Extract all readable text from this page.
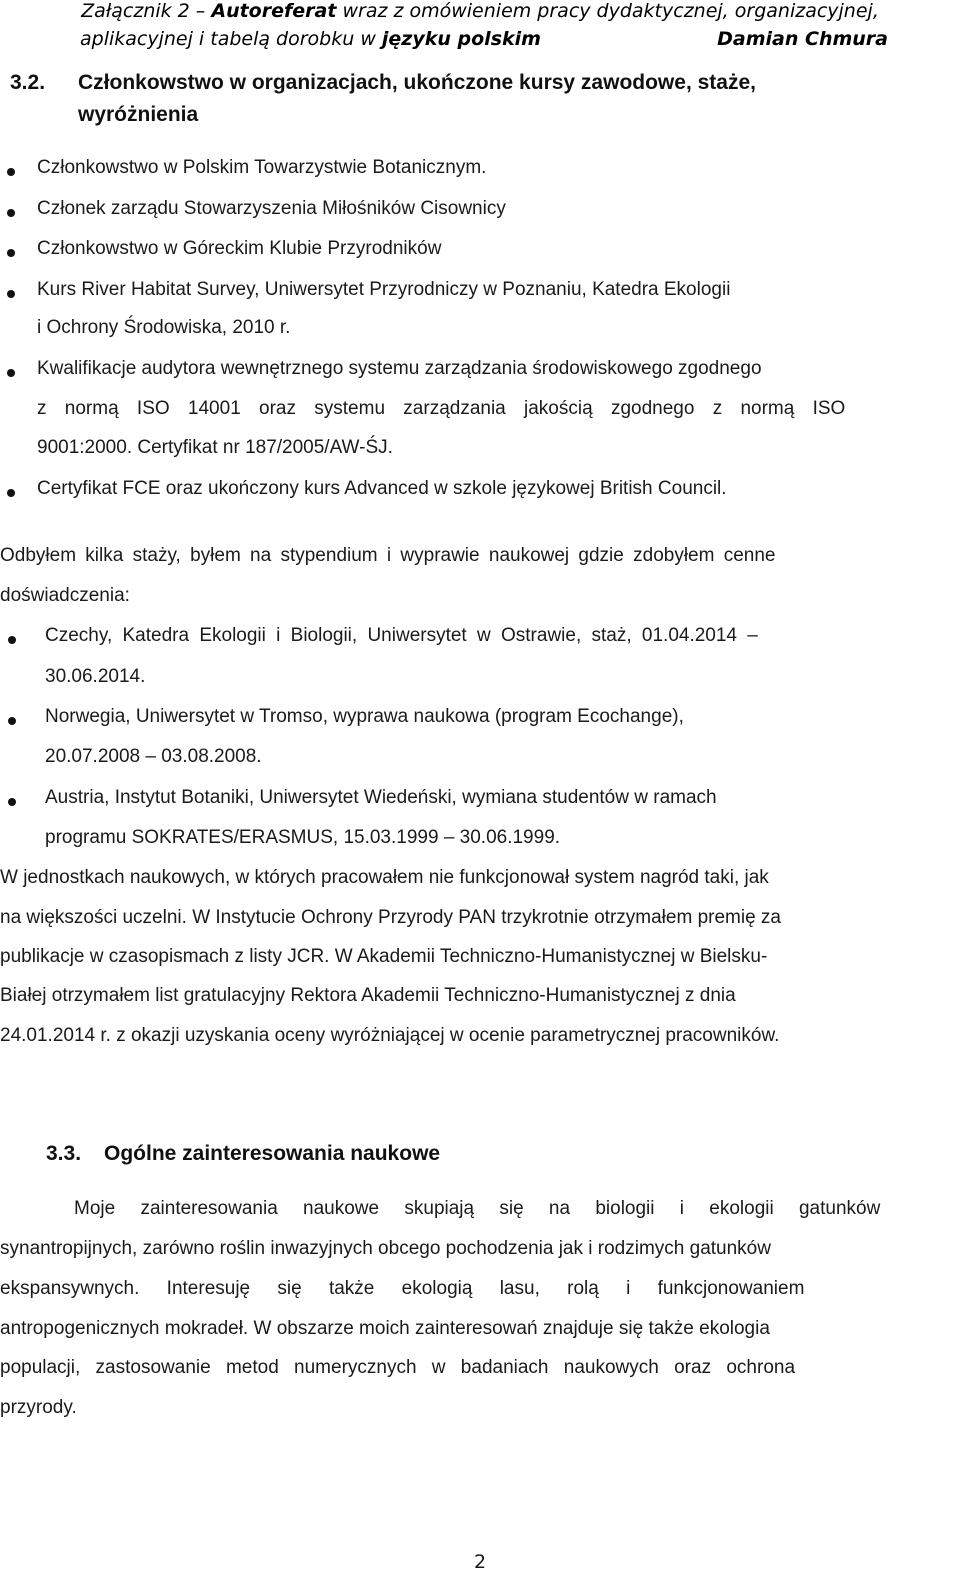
Załącznik 2 – Autoreferat wraz z omówieniem pracy dydaktycznej, organizacyjnej,
aplikacyjnej i tabelą dorobku w języku polskim	Damian Chmura
3.2. Członkowstwo w organizacjach, ukończone kursy zawodowe, staże,
wyróżnienia
Członkowstwo w Polskim Towarzystwie Botanicznym.
Członek zarządu Stowarzyszenia Miłośników Cisownicy
Członkowstwo w Góreckim Klubie Przyrodników
Kurs River Habitat Survey, Uniwersytet Przyrodniczy w Poznaniu, Katedra Ekologii
i Ochrony Środowiska, 2010 r.
Kwalifikacje audytora wewnętrznego systemu zarządzania środowiskowego zgodnego
z normą ISO 14001 oraz systemu zarządzania jakością zgodnego z normą ISO
9001:2000. Certyfikat nr 187/2005/AW-ŚJ.
Certyfikat FCE oraz ukończony kurs Advanced w szkole językowej British Council.
Odbyłem kilka staży, byłem na stypendium i wyprawie naukowej gdzie zdobyłem cenne
doświadczenia:
Czechy, Katedra Ekologii i Biologii, Uniwersytet w Ostrawie, staż, 01.04.2014 –
30.06.2014.
Norwegia, Uniwersytet w Tromso, wyprawa naukowa (program Ecochange),
20.07.2008 – 03.08.2008.
Austria, Instytut Botaniki, Uniwersytet Wiedeński, wymiana studentów w ramach
programu SOKRATES/ERASMUS, 15.03.1999 – 30.06.1999.
W jednostkach naukowych, w których pracowałem nie funkcjonował system nagród taki, jak
na większości uczelni. W Instytucie Ochrony Przyrody PAN trzykrotnie otrzymałem premię za
publikacje w czasopismach z listy JCR. W Akademii Techniczno-Humanistycznej w Bielsku-
Białej otrzymałem list gratulacyjny Rektora Akademii Techniczno-Humanistycznej z dnia
24.01.2014 r. z okazji uzyskania oceny wyróżniającej w ocenie parametrycznej pracowników.
3.3. Ogólne zainteresowania naukowe
Moje zainteresowania naukowe skupiają się na biologii i ekologii gatunków
synantropijnych, zarówno roślin inwazyjnych obcego pochodzenia jak i rodzimych gatunków
ekspansywnych. Interesuję się także ekologią lasu, rolą i funkcjonowaniem
antropogenicznych mokradeł. W obszarze moich zainteresowań znajduje się także ekologia
populacji, zastosowanie metod numerycznych w badaniach naukowych oraz ochrona
przyrody.
2
